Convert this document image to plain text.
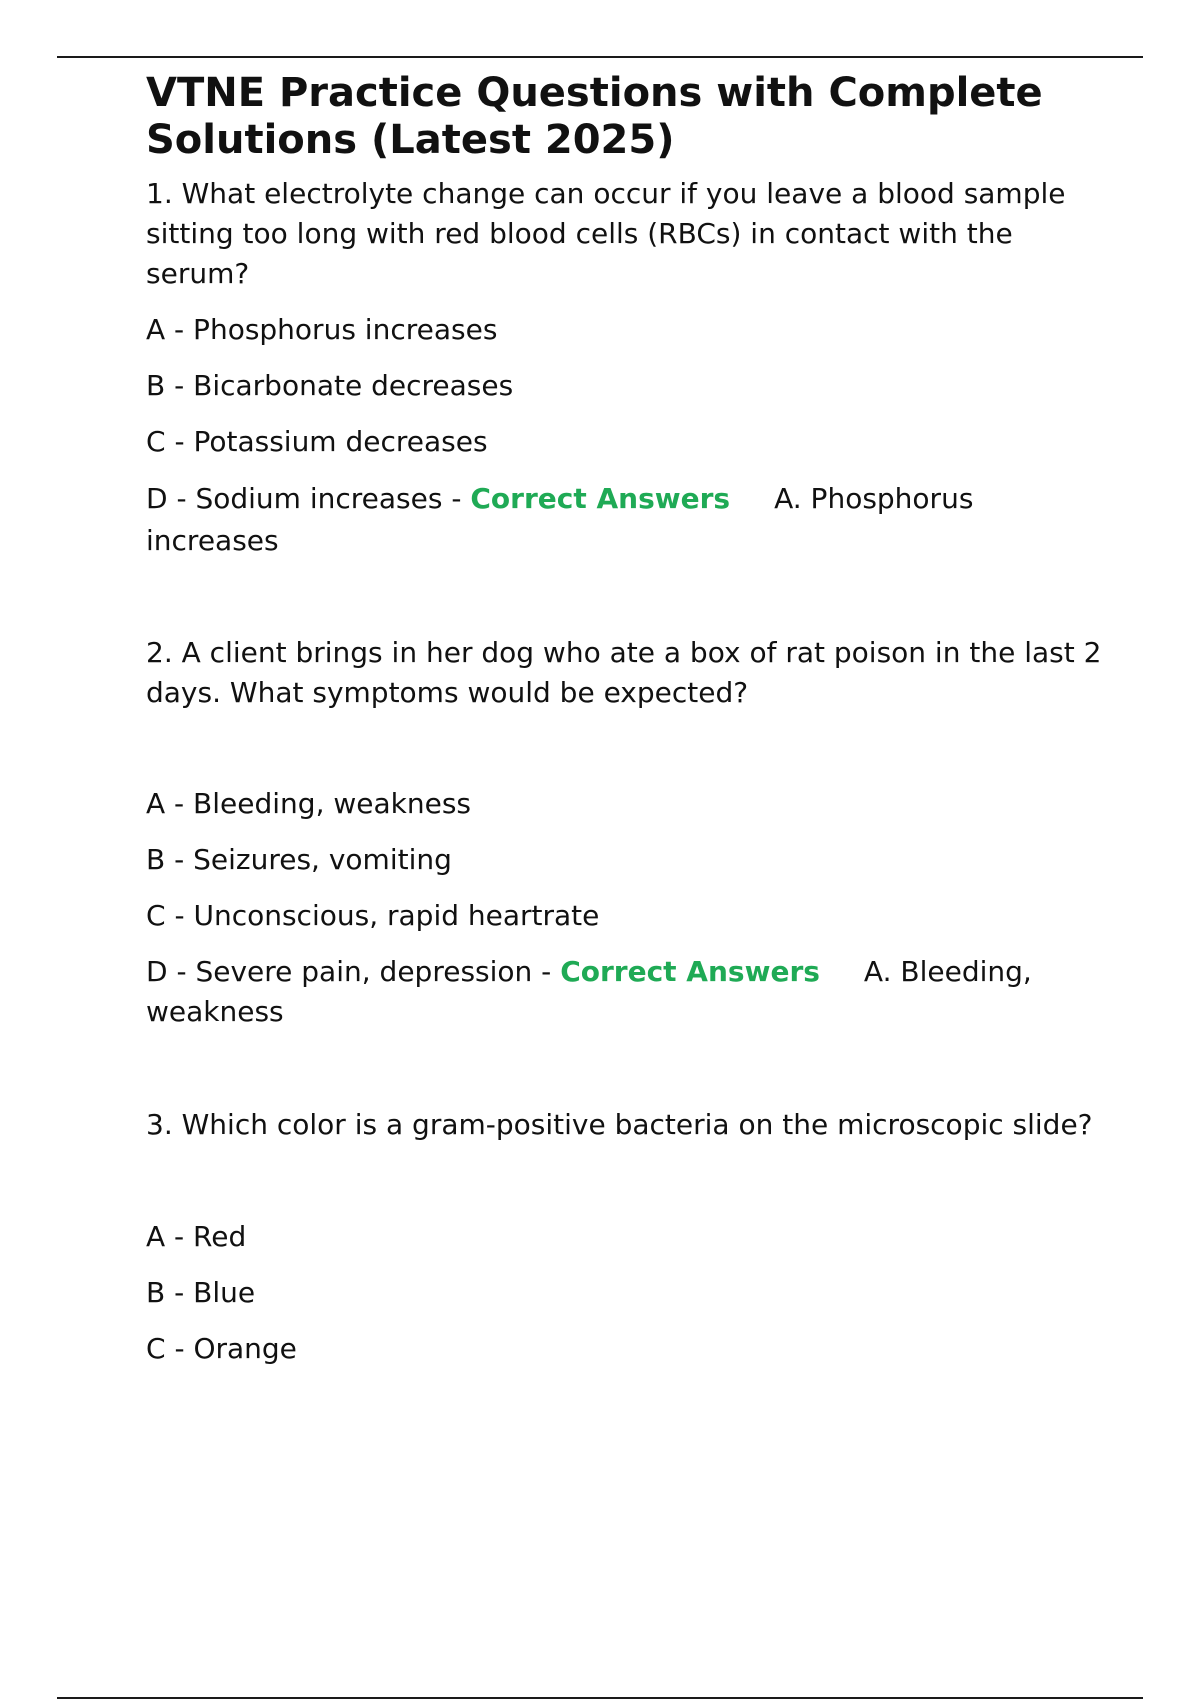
VTNE Practice Questions with Complete Solutions (Latest 2025)

1. What electrolyte change can occur if you leave a blood sample sitting too long with red blood cells (RBCs) in contact with the serum?

A - Phosphorus increases

B - Bicarbonate decreases

C - Potassium decreases

D - Sodium increases - Correct Answers A. Phosphorus increases

2. A client brings in her dog who ate a box of rat poison in the last 2 days. What symptoms would be expected?

A - Bleeding, weakness

B - Seizures, vomiting

C - Unconscious, rapid heartrate

D - Severe pain, depression - Correct Answers A. Bleeding, weakness

3. Which color is a gram-positive bacteria on the microscopic slide?

A - Red

B - Blue

C - Orange
